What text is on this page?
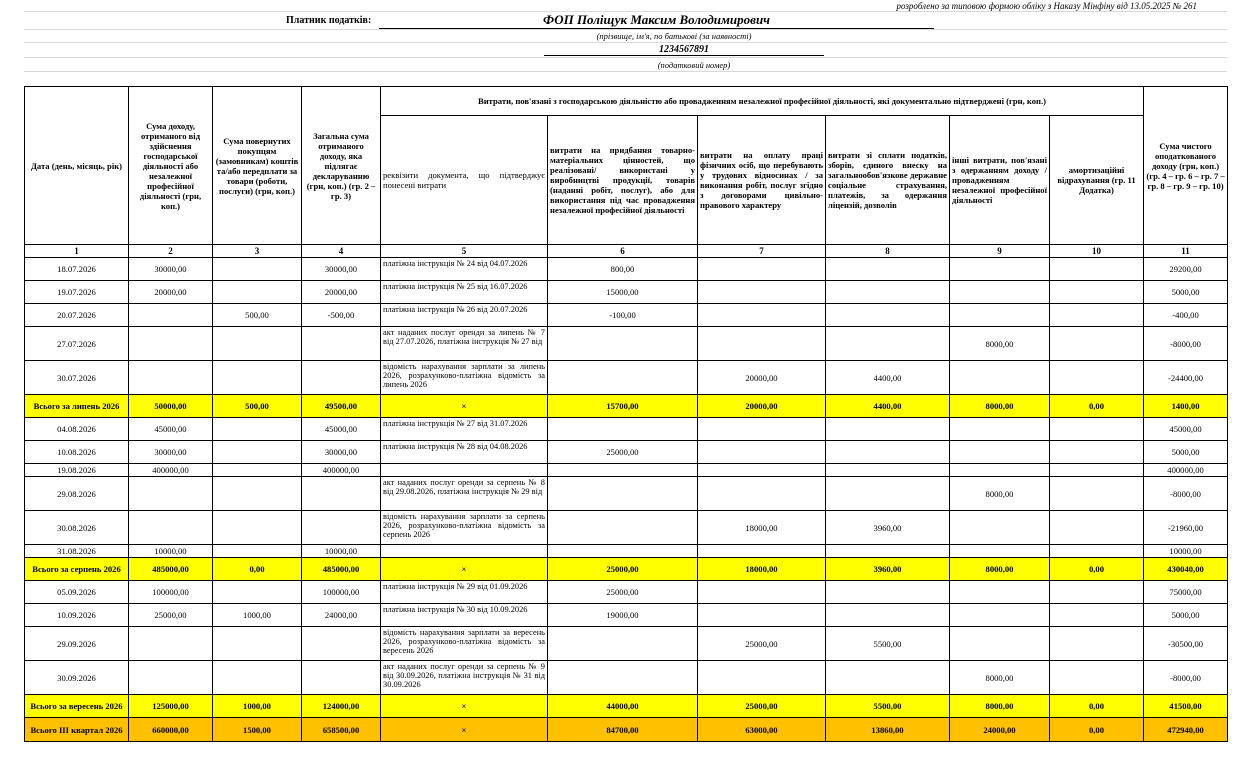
розроблено за типовою формою обліку з Наказу Мінфіну від 13.05.2025 № 261
Платник податків:	ФОП Поліщук Максим Володимирович
(прізвище, ім'я, по батькові (за наявності)
1234567891
(податковий номер)
Дата (день, місяць, рік)	Сума доходу, отриманого від здійснення господарської діяльності або незалежної професійної діяльності (грн, коп.)	Сума повернутих покупцям (замовникам) коштів та/або передплати за товари (роботи, послуги) (грн, коп.)	Загальна сума отриманого доходу, яка підлягає декларуванню (грн, коп.) (гр. 2 – гр. 3)	Витрати, пов'язані з господарською діяльністю або провадженням незалежної професійної діяльності, які документально підтверджені (грн, коп.)						Сума чистого оподаткованого доходу (грн, коп.) (гр. 4 – гр. 6 – гр. 7 – гр. 8 – гр. 9 – гр. 10)
				реквізити документа, що підтверджує понесені витрати	витрати на придбання товарно-матеріальних цінностей, що реалізовані/ використані у виробництві продукції, товарів (наданні робіт, послуг), або для використання під час провадження незалежної професійної діяльності	витрати на оплату праці фізичних осіб, що перебувають у трудових відносинах / за виконання робіт, послуг згідно з договорами цивільно-правового характеру	витрати зі сплати податків, зборів, єдиного внеску на загальнообов'язкове державне соціальне страхування, платежів, за одержання ліцензій, дозволів	інші витрати, пов'язані з одержанням доходу / провадженням незалежної професійної діяльності	амортизаційні відрахування (гр. 11 Додатка)	
1	2	3	4	5	6	7	8	9	10	11
18.07.2026	30000,00		30000,00	платіжна інструкція № 24 від 04.07.2026	800,00					29200,00
19.07.2026	20000,00		20000,00	платіжна інструкція № 25 від 16.07.2026	15000,00					5000,00
20.07.2026		500,00	-500,00	платіжна інструкція № 26 від 20.07.2026	-100,00					-400,00
27.07.2026				акт наданих послуг оренди за липень № 7 від 27.07.2026, платіжна інструкція № 27 від				8000,00		-8000,00
30.07.2026				відомість нарахування зарплати за липень 2026, розрахунково-платіжна відомість за липень 2026		20000,00	4400,00			-24400,00
Всього за липень 2026	50000,00	500,00	49500,00	×	15700,00	20000,00	4400,00	8000,00	0,00	1400,00
04.08.2026	45000,00		45000,00	платіжна інструкція № 27 від 31.07.2026						45000,00
10.08.2026	30000,00		30000,00	платіжна інструкція № 28 від 04.08.2026	25000,00					5000,00
19.08.2026	400000,00		400000,00							400000,00
29.08.2026				акт наданих послуг оренди за серпень № 8 від 29.08.2026, платіжна інструкція № 29 від				8000,00		-8000,00
30.08.2026				відомість нарахування зарплати за серпень 2026, розрахунково-платіжна відомість за серпень 2026		18000,00	3960,00			-21960,00
31.08.2026	10000,00		10000,00							10000,00
Всього за серпень 2026	485000,00	0,00	485000,00	×	25000,00	18000,00	3960,00	8000,00	0,00	430040,00
05.09.2026	100000,00		100000,00	платіжна інструкція № 29 від 01.09.2026	25000,00					75000,00
10.09.2026	25000,00	1000,00	24000,00	платіжна інструкція № 30 від 10.09.2026	19000,00					5000,00
29.09.2026				відомість нарахування зарплати за вересень 2026, розрахунково-платіжна відомість за вересень 2026		25000,00	5500,00			-30500,00
30.09.2026				акт наданих послуг оренди за серпень № 9 від 30.09.2026, платіжна інструкція № 31 від 30.09.2026				8000,00		-8000,00
Всього за вересень 2026	125000,00	1000,00	124000,00	×	44000,00	25000,00	5500,00	8000,00	0,00	41500,00
Всього ІІІ квартал 2026	660000,00	1500,00	658500,00	×	84700,00	63000,00	13860,00	24000,00	0,00	472940,00
